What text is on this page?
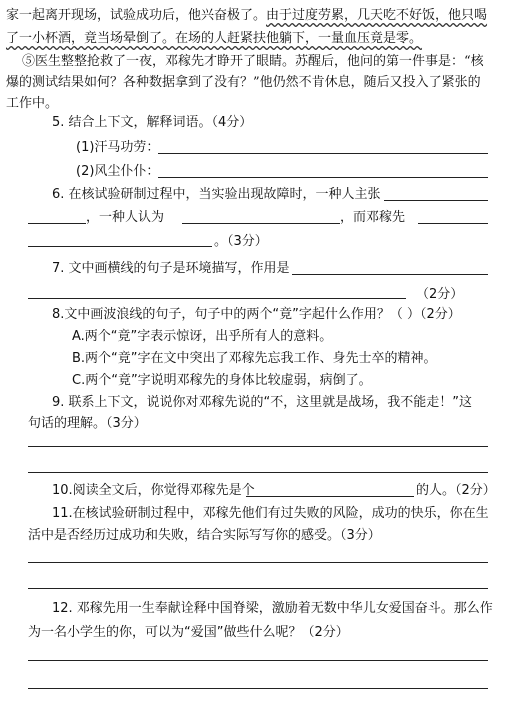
家一起离开现场，试验成功后，他兴奋极了。由于过度劳累，几天吃不好饭，他只喝
了一小杯酒，竟当场晕倒了。在场的人赶紧扶他躺下，一量血压竟是零。
⑤医生整整抢救了一夜，邓稼先才睁开了眼睛。苏醒后，他问的第一件事是：“核
爆的测试结果如何？各种数据拿到了没有？”他仍然不肯休息，随后又投入了紧张的
工作中。
5. 结合上下文，解释词语。（4分）
(1)汗马功劳：
(2)风尘仆仆：
6. 在核试验研制过程中，当实验出现故障时，一种人主张
，一种人认为	，而邓稼先
。（3分）
7. 文中画横线的句子是环境描写，作用是
（2分）
8.文中画波浪线的句子，句子中的两个“竟”字起什么作用？（ ）（2分）
A.两个“竟”字表示惊讶，出乎所有人的意料。
B.两个“竟”字在文中突出了邓稼先忘我工作、身先士卒的精神。
C.两个“竟”字说明邓稼先的身体比较虚弱，病倒了。
9. 联系上下文，说说你对邓稼先说的“不，这里就是战场，我不能走！”这
句话的理解。（3分）
10.阅读全文后，你觉得邓稼先是个	的人。（2分）
11.在核试验研制过程中，邓稼先他们有过失败的风险，成功的快乐，你在生
活中是否经历过成功和失败，结合实际写写你的感受。（3分）
12. 邓稼先用一生奉献诠释中国脊梁，激励着无数中华儿女爱国奋斗。那么作
为一名小学生的你，可以为“爱国”做些什么呢？（2分）
